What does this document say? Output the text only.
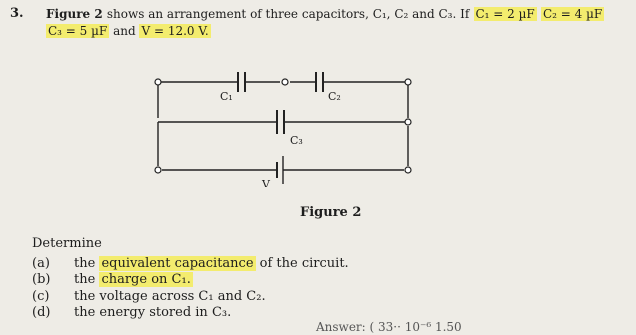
3. Figure 2 shows an arrangement of three capacitors, C₁, C₂ and C₃. If C₁ = 2 µF C₂ = 4 µF
C₃ = 5 µF and V = 12.0 V.
C₁	C₂
C₃
V
Figure 2
Determine
(a) the equivalent capacitance of the circuit.
(b) the charge on C₁.
(c) the voltage across C₁ and C₂.
(d) the energy stored in C₃.
Answer: ( 33·· 10⁻⁶ 1.50
